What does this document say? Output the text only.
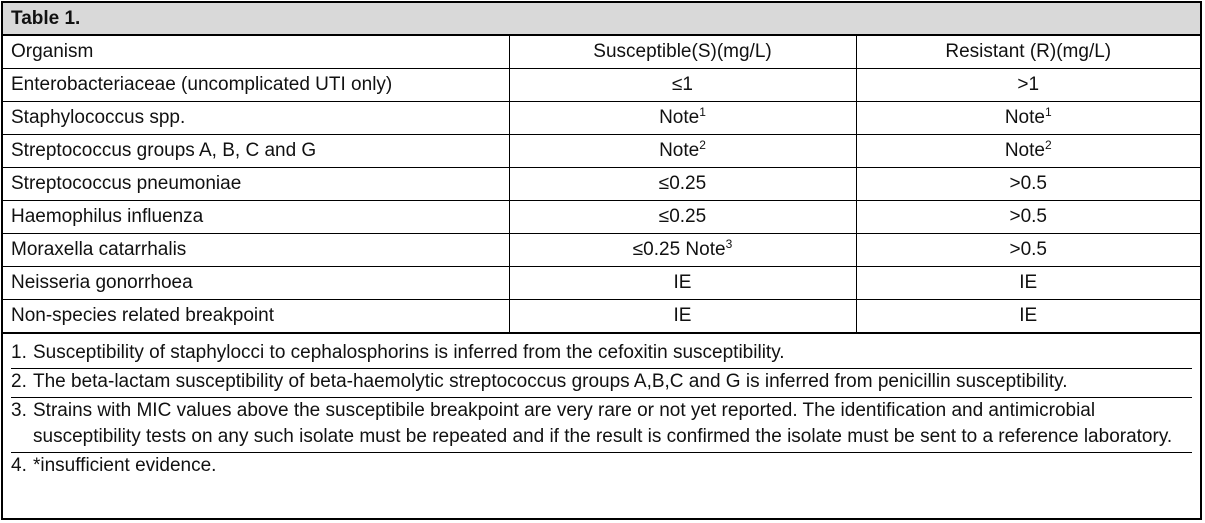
Table 1.
Organism	Susceptible(S)(mg/L)	Resistant (R)(mg/L)
Enterobacteriaceae (uncomplicated UTI only)	≤1	>1
Staphylococcus spp.	Note$^1$	Note$^1$
Streptococcus groups A, B, C and G	Note$^2$	Note$^2$
Streptococcus pneumoniae	≤0.25	>0.5
Haemophilus influenza	≤0.25	>0.5
Moraxella catarrhalis	≤0.25 Note$^3$	>0.5
Neisseria gonorrhoea	IE	IE
Non-species related breakpoint	IE	IE
1. Susceptibility of staphylocci to cephalosphorins is inferred from the cefoxitin susceptibility.
2. The beta-lactam susceptibility of beta-haemolytic streptococcus groups A,B,C and G is inferred from penicillin susceptibility.
3. Strains with MIC values above the susceptibile breakpoint are very rare or not yet reported. The identification and antimicrobial susceptibility tests on any such isolate must be repeated and if the result is confirmed the isolate must be sent to a reference laboratory.
4. *insufficient evidence.
